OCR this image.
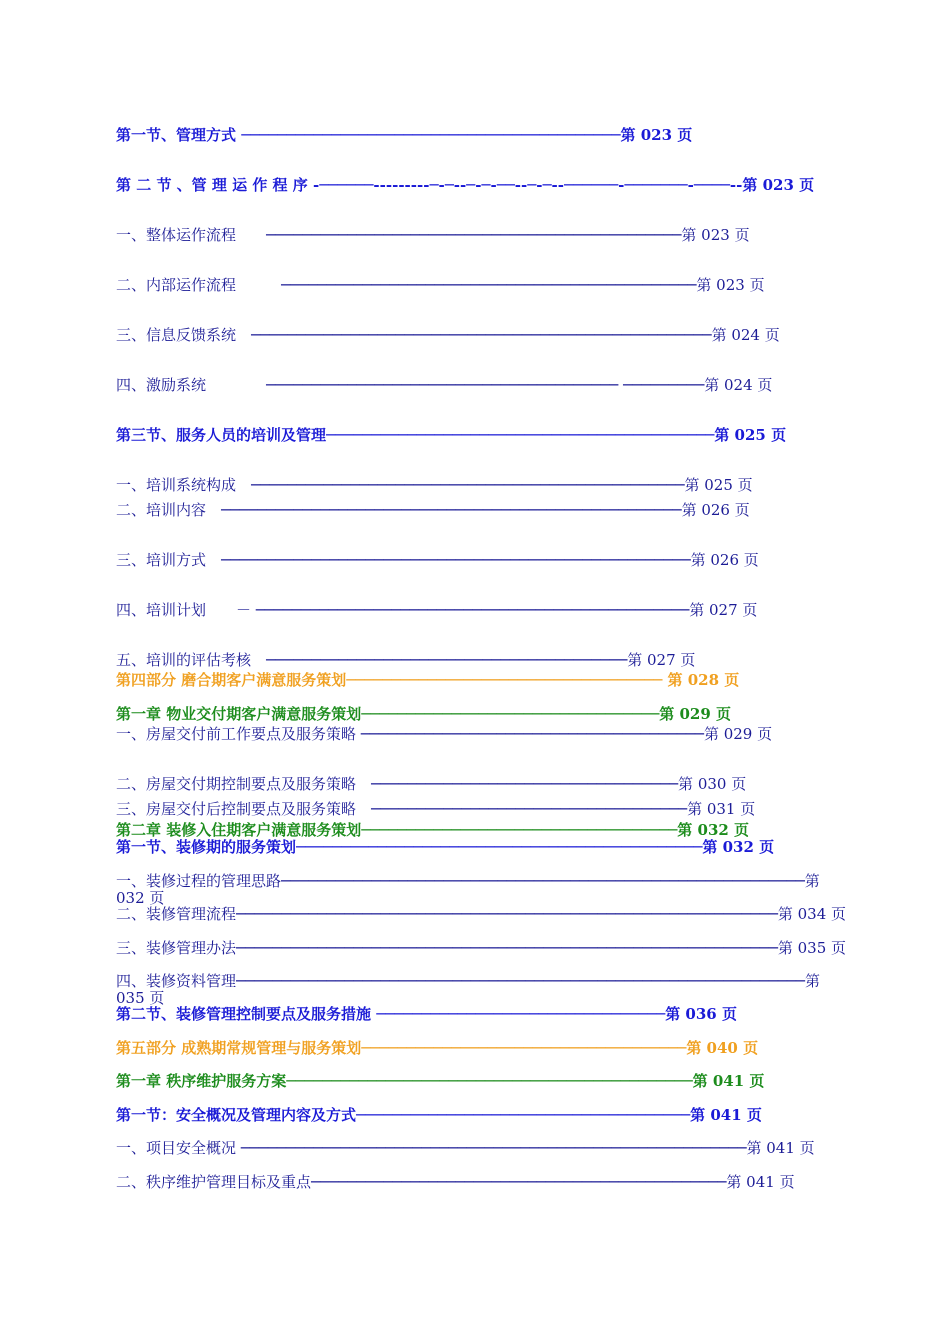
第一节、管理方式 ──────────────────────────────────────────第 023 页
第 二 节 、管 理 运 作 程 序 -──────---------─-─--─-─-──--─-─--──────-───────-────--第 023 页
一、整体运作流程　　──────────────────────────────────────────────第 023 页
二、内部运作流程　　　──────────────────────────────────────────────第 023 页
三、信息反馈系统　───────────────────────────────────────────────────第 024 页
四、激励系统　　　　─────────────────────────────────────── ─────────第 024 页
第三节、服务人员的培训及管理───────────────────────────────────────────第 025 页
一、培训系统构成　────────────────────────────────────────────────第 025 页
二、培训内容　───────────────────────────────────────────────────第 026 页
三、培训方式　────────────────────────────────────────────────────第 026 页
四、培训计划　　－ ────────────────────────────────────────────────第 027 页
五、培训的评估考核　────────────────────────────────────────第 027 页
第四部分 磨合期客户满意服务策划─────────────────────────────────── 第 028 页
第一章 物业交付期客户满意服务策划─────────────────────────────────第 029 页
一、房屋交付前工作要点及服务策略 ──────────────────────────────────────第 029 页
二、房屋交付期控制要点及服务策略　──────────────────────────────────第 030 页
三、房屋交付后控制要点及服务策略　───────────────────────────────────第 031 页
第二章 装修入住期客户满意服务策划───────────────────────────────────第 032 页
第一节、装修期的服务策划─────────────────────────────────────────────第 032 页
一、装修过程的管理思路──────────────────────────────────────────────────────────第 032 页
二、装修管理流程────────────────────────────────────────────────────────────第 034 页
三、装修管理办法────────────────────────────────────────────────────────────第 035 页
四、装修资料管理───────────────────────────────────────────────────────────────第 035 页
第二节、装修管理控制要点及服务措施 ────────────────────────────────第 036 页
第五部分 成熟期常规管理与服务策划────────────────────────────────────第 040 页
第一章 秩序维护服务方案─────────────────────────────────────────────第 041 页
第一节：安全概况及管理内容及方式─────────────────────────────────────第 041 页
一、项目安全概况 ────────────────────────────────────────────────────────第 041 页
二、秩序维护管理目标及重点──────────────────────────────────────────────第 041 页
